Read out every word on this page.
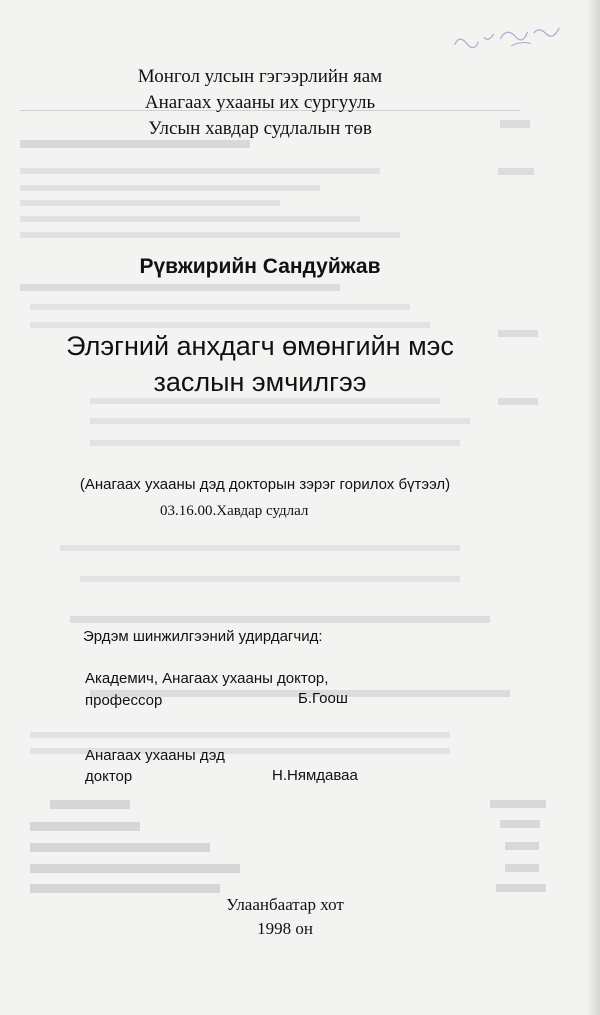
Монгол улсын гэгээрлийн яам
Анагаах ухааны их сургууль
Улсын хавдар судлалын төв
Рүвжирийн Сандуйжав
Элэгний анхдагч өмөнгийн мэс
заслын эмчилгээ
(Анагаах ухааны дэд докторын зэрэг горилох бүтээл)
03.16.00.Хавдар судлал
Эрдэм шинжилгээний удирдагчид:
Академич, Анагаах ухааны доктор,
профессор	Б.Гоош
Анагаах ухааны дэд
доктор	Н.Нямдаваа
Улаанбаатар хот
1998 он
